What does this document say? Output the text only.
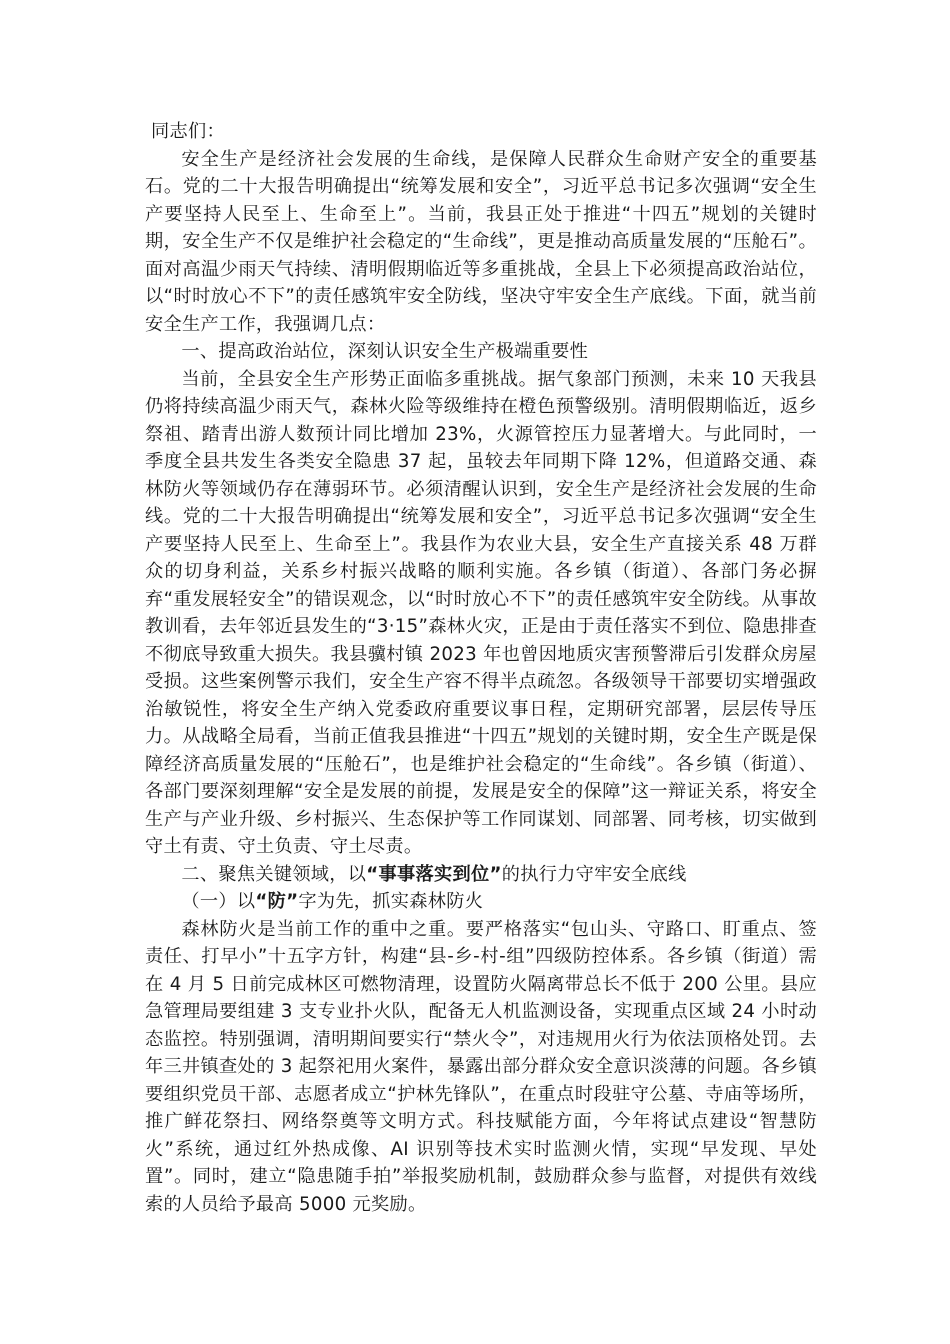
同志们：

安全生产是经济社会发展的生命线，是保障人民群众生命财产安全的重要基石。党的二十大报告明确提出“统筹发展和安全”，习近平总书记多次强调“安全生产要坚持人民至上、生命至上”。当前，我县正处于推进“十四五”规划的关键时期，安全生产不仅是维护社会稳定的“生命线”，更是推动高质量发展的“压舱石”。面对高温少雨天气持续、清明假期临近等多重挑战，全县上下必须提高政治站位，以“时时放心不下”的责任感筑牢安全防线，坚决守牢安全生产底线。下面，就当前安全生产工作，我强调几点：

一、提高政治站位，深刻认识安全生产极端重要性

当前，全县安全生产形势正面临多重挑战。据气象部门预测，未来 10 天我县仍将持续高温少雨天气，森林火险等级维持在橙色预警级别。清明假期临近，返乡祭祖、踏青出游人数预计同比增加 23%，火源管控压力显著增大。与此同时，一季度全县共发生各类安全隐患 37 起，虽较去年同期下降 12%，但道路交通、森林防火等领域仍存在薄弱环节。必须清醒认识到，安全生产是经济社会发展的生命线。党的二十大报告明确提出“统筹发展和安全”，习近平总书记多次强调“安全生产要坚持人民至上、生命至上”。我县作为农业大县，安全生产直接关系 48 万群众的切身利益，关系乡村振兴战略的顺利实施。各乡镇（街道）、各部门务必摒弃“重发展轻安全”的错误观念，以“时时放心不下”的责任感筑牢安全防线。从事故教训看，去年邻近县发生的“3·15”森林火灾，正是由于责任落实不到位、隐患排查不彻底导致重大损失。我县骥村镇 2023 年也曾因地质灾害预警滞后引发群众房屋受损。这些案例警示我们，安全生产容不得半点疏忽。各级领导干部要切实增强政治敏锐性，将安全生产纳入党委政府重要议事日程，定期研究部署，层层传导压力。从战略全局看，当前正值我县推进“十四五”规划的关键时期，安全生产既是保障经济高质量发展的“压舱石”，也是维护社会稳定的“生命线”。各乡镇（街道）、各部门要深刻理解“安全是发展的前提，发展是安全的保障”这一辩证关系，将安全生产与产业升级、乡村振兴、生态保护等工作同谋划、同部署、同考核，切实做到守土有责、守土负责、守土尽责。

二、聚焦关键领域，以“事事落实到位”的执行力守牢安全底线

（一）以“防”字为先，抓实森林防火

森林防火是当前工作的重中之重。要严格落实“包山头、守路口、盯重点、签责任、打早小”十五字方针，构建“县-乡-村-组”四级防控体系。各乡镇（街道）需在 4 月 5 日前完成林区可燃物清理，设置防火隔离带总长不低于 200 公里。县应急管理局要组建 3 支专业扑火队，配备无人机监测设备，实现重点区域 24 小时动态监控。特别强调，清明期间要实行“禁火令”，对违规用火行为依法顶格处罚。去年三井镇查处的 3 起祭祀用火案件，暴露出部分群众安全意识淡薄的问题。各乡镇要组织党员干部、志愿者成立“护林先锋队”，在重点时段驻守公墓、寺庙等场所，推广鲜花祭扫、网络祭奠等文明方式。科技赋能方面，今年将试点建设“智慧防火”系统，通过红外热成像、AI 识别等技术实时监测火情，实现“早发现、早处置”。同时，建立“隐患随手拍”举报奖励机制，鼓励群众参与监督，对提供有效线索的人员给予最高 5000 元奖励。
